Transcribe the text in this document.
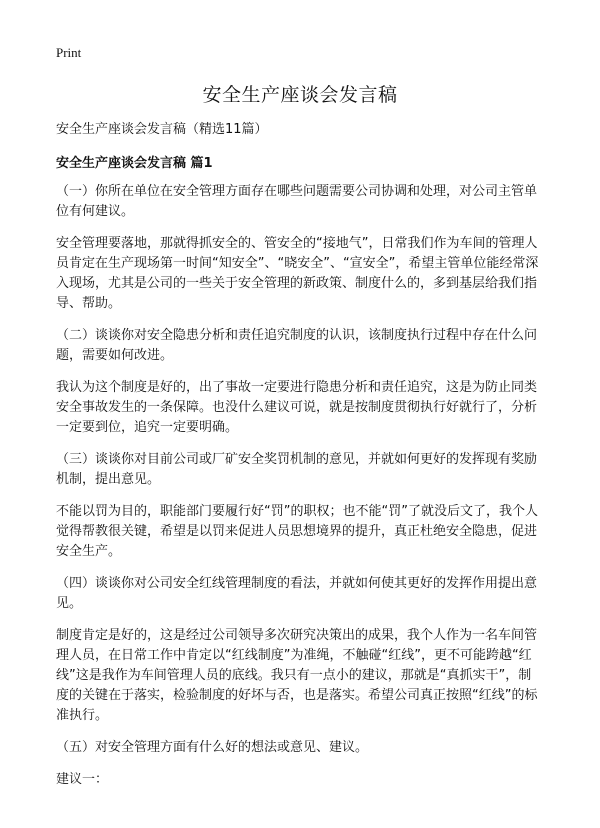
Print
安全生产座谈会发言稿

安全生产座谈会发言稿（精选11篇）

安全生产座谈会发言稿 篇1

（一）你所在单位在安全管理方面存在哪些问题需要公司协调和处理，对公司主管单位有何建议。

安全管理要落地，那就得抓安全的、管安全的“接地气”，日常我们作为车间的管理人员肯定在生产现场第一时间“知安全”、“晓安全”、“宣安全”，希望主管单位能经常深入现场，尤其是公司的一些关于安全管理的新政策、制度什么的，多到基层给我们指导、帮助。

（二）谈谈你对安全隐患分析和责任追究制度的认识，该制度执行过程中存在什么问题，需要如何改进。

我认为这个制度是好的，出了事故一定要进行隐患分析和责任追究，这是为防止同类安全事故发生的一条保障。也没什么建议可说，就是按制度贯彻执行好就行了，分析一定要到位，追究一定要明确。

（三）谈谈你对目前公司或厂矿安全奖罚机制的意见，并就如何更好的发挥现有奖励机制，提出意见。

不能以罚为目的，职能部门要履行好“罚”的职权；也不能“罚”了就没后文了，我个人觉得帮教很关键，希望是以罚来促进人员思想境界的提升，真正杜绝安全隐患，促进安全生产。

（四）谈谈你对公司安全红线管理制度的看法，并就如何使其更好的发挥作用提出意见。

制度肯定是好的，这是经过公司领导多次研究决策出的成果，我个人作为一名车间管理人员，在日常工作中肯定以“红线制度”为准绳，不触碰“红线”，更不可能跨越“红线”这是我作为车间管理人员的底线。我只有一点小的建议，那就是“真抓实干”，制度的关键在于落实，检验制度的好坏与否，也是落实。希望公司真正按照“红线”的标准执行。

（五）对安全管理方面有什么好的想法或意见、建议。

建议一：
